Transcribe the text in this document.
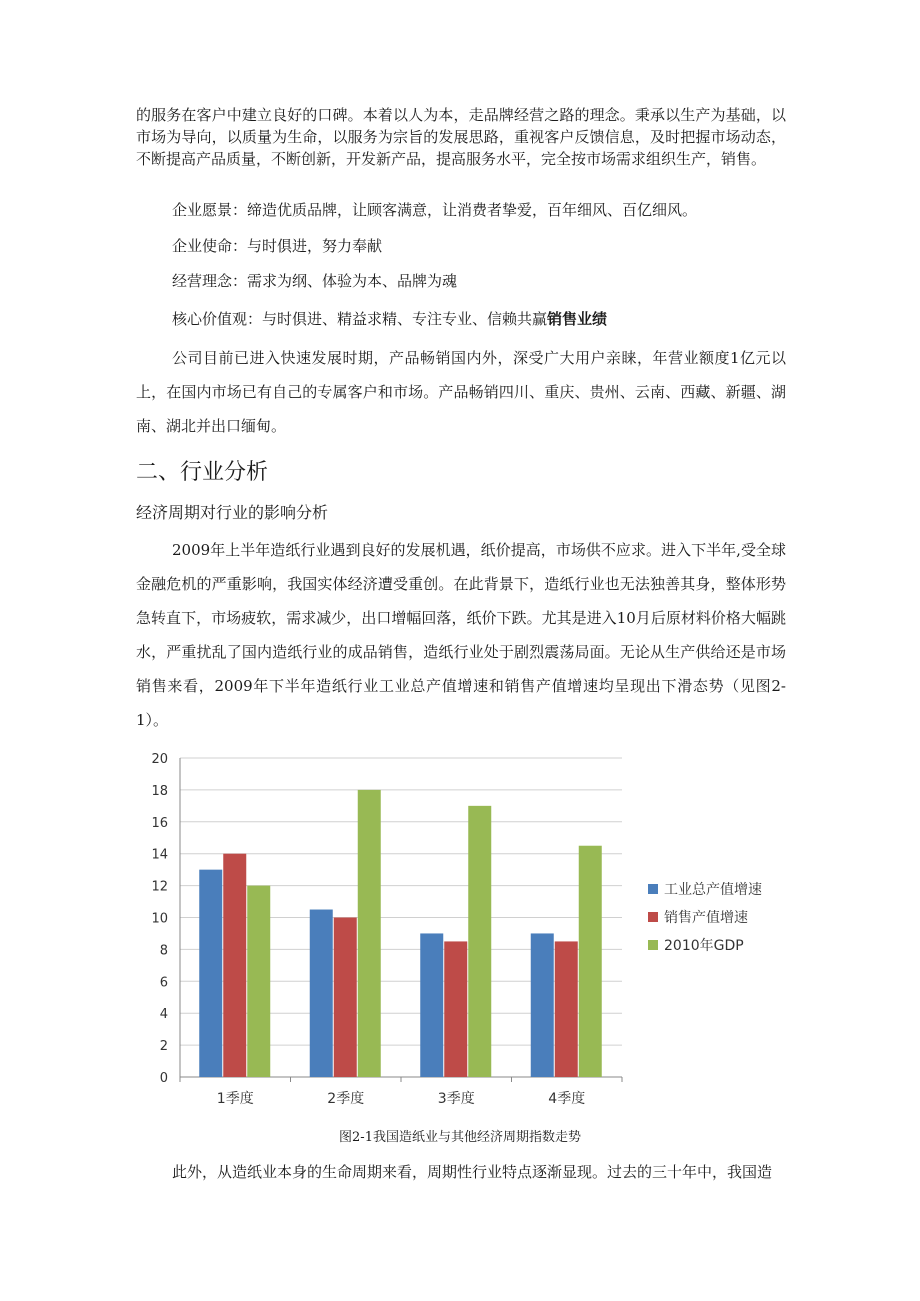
的服务在客户中建立良好的口碑。本着以人为本，走品牌经营之路的理念。秉承以生产为基础，以市场为导向，以质量为生命，以服务为宗旨的发展思路，重视客户反馈信息，及时把握市场动态，不断提高产品质量，不断创新，开发新产品，提高服务水平，完全按市场需求组织生产，销售。

企业愿景：缔造优质品牌，让顾客满意，让消费者挚爱，百年细风、百亿细风。
企业使命：与时俱进，努力奉献
经营理念：需求为纲、体验为本、品牌为魂
核心价值观：与时俱进、精益求精、专注专业、信赖共赢销售业绩

公司目前已进入快速发展时期，产品畅销国内外，深受广大用户亲睐，年营业额度1亿元以上，在国内市场已有自己的专属客户和市场。产品畅销四川、重庆、贵州、云南、西藏、新疆、湖南、湖北并出口缅甸。

二、行业分析
经济周期对行业的影响分析

2009年上半年造纸行业遇到良好的发展机遇，纸价提高，市场供不应求。进入下半年,受全球金融危机的严重影响，我国实体经济遭受重创。在此背景下，造纸行业也无法独善其身，整体形势急转直下，市场疲软，需求减少，出口增幅回落，纸价下跌。尤其是进入10月后原材料价格大幅跳水，严重扰乱了国内造纸行业的成品销售，造纸行业处于剧烈震荡局面。无论从生产供给还是市场销售来看，2009年下半年造纸行业工业总产值增速和销售产值增速均呈现出下滑态势（见图2-1）。

0
2
4
6
8
10
12
14
16
18
20
1季度	2季度	3季度	4季度
工业总产值增速
销售产值增速
2010年GDP
图2-1我国造纸业与其他经济周期指数走势

此外，从造纸业本身的生命周期来看，周期性行业特点逐渐显现。过去的三十年中，我国造
